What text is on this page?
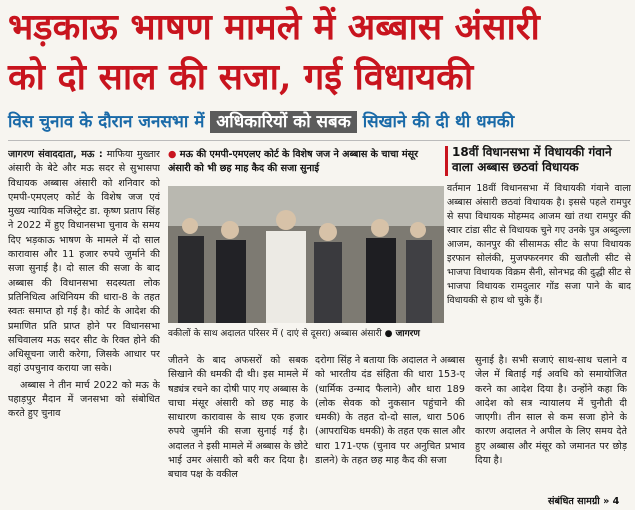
भड़काऊ भाषण मामले में अब्बास अंसारी
को दो साल की सजा, गई विधायकी
विस चुनाव के दौरान जनसभा में अधिकारियों को सबक सिखाने की दी थी धमकी

जागरण संवाददाता, मऊ : माफिया मुख्तार अंसारी के बेटे और मऊ सदर से सुभासपा विधायक अब्बास अंसारी को शनिवार को एमपी-एमएलए कोर्ट के विशेष जज एवं मुख्य न्यायिक मजिस्ट्रेट डा. कृष्ण प्रताप सिंह ने 2022 में हुए विधानसभा चुनाव के समय दिए भड़काऊ भाषण के मामले में दो साल कारावास और 11 हजार रुपये जुर्माने की सजा सुनाई है। दो साल की सजा के बाद अब्बास की विधानसभा सदस्यता लोक प्रतिनिधित्व अधिनियम की धारा-8 के तहत स्वतः समाप्त हो गई है। कोर्ट के आदेश की प्रमाणित प्रति प्राप्त होने पर विधानसभा सचिवालय मऊ सदर सीट के रिक्त होने की अधिसूचना जारी करेगा, जिसके आधार पर वहां उपचुनाव कराया जा सके।

अब्बास ने तीन मार्च 2022 को मऊ के पहाड़पुर मैदान में जनसभा को संबोधित करते हुए चुनाव

● मऊ की एमपी-एमएलए कोर्ट के विशेष जज ने अब्बास के चाचा मंसूर अंसारी को भी छह माह कैद की सजा सुनाई
वकीलों के साथ अदालत परिसर में ( दाएं से दूसरा) अब्बास अंसारी ● जागरण
18वीं विधानसभा में विधायकी गंवाने वाला अब्बास छठवां विधायक
वर्तमान 18वीं विधानसभा में विधायकी गंवाने वाला अब्बास अंसारी छठवां विधायक है। इससे पहले रामपुर से सपा विधायक मोहम्मद आजम खां तथा रामपुर की स्वार टांडा सीट से विधायक चुने गए उनके पुत्र अब्दुल्ला आजम, कानपुर की सीसामऊ सीट के सपा विधायक इरफान सोलंकी, मुजफ्फरनगर की खतौली सीट से भाजपा विधायक विक्रम सैनी, सोनभद्र की दुद्धी सीट से भाजपा विधायक रामदुलार गोंड सजा पाने के बाद विधायकी से हाथ धो चुके हैं।
जीतने के बाद अफसरों को सबक सिखाने की धमकी दी थी। इस मामले में षड्यंत्र रचने का दोषी पाए गए अब्बास के चाचा मंसूर अंसारी को छह माह के साधारण कारावास के साथ एक हजार रुपये जुर्माने की सजा सुनाई गई है। अदालत ने इसी मामले में अब्बास के छोटे भाई उमर अंसारी को बरी कर दिया है। बचाव पक्ष के वकील
दरोगा सिंह ने बताया कि अदालत ने अब्बास को भारतीय दंड संहिता की धारा 153-ए (धार्मिक उन्माद फैलाने) और धारा 189 (लोक सेवक को नुकसान पहुंचाने की धमकी) के तहत दो-दो साल, धारा 506 (आपराधिक धमकी) के तहत एक साल और धारा 171-एफ (चुनाव पर अनुचित प्रभाव डालने) के तहत छह माह कैद की सजा
सुनाई है। सभी सजाएं साथ-साथ चलाने व जेल में बिताई गई अवधि को समायोजित करने का आदेश दिया है। उन्होंने कहा कि आदेश को सत्र न्यायालय में चुनौती दी जाएगी। तीन साल से कम सजा होने के कारण अदालत ने अपील के लिए समय देते हुए अब्बास और मंसूर को जमानत पर छोड़ दिया है।
संबंधित सामग्री » 4
